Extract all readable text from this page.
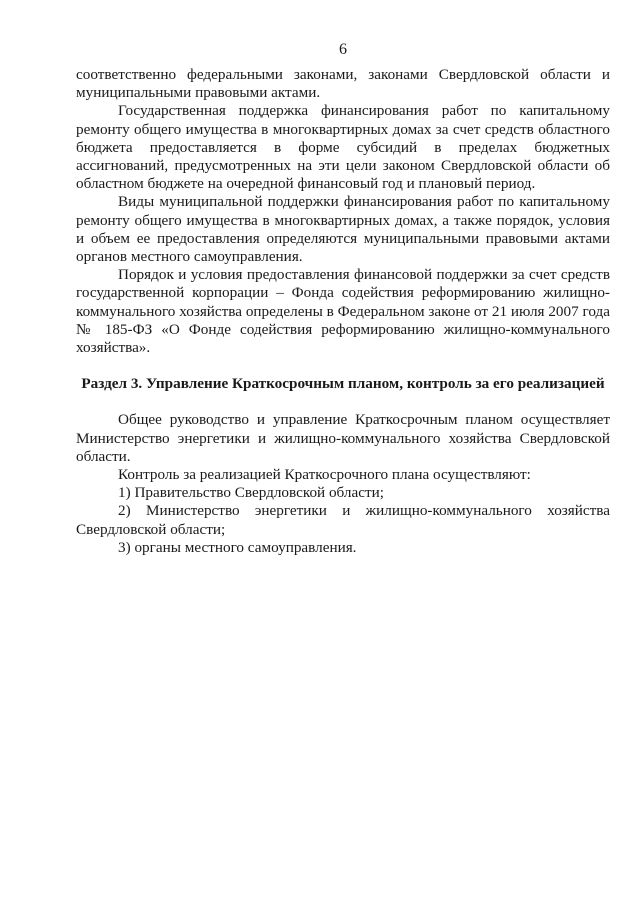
6

соответственно федеральными законами, законами Свердловской области и муниципальными правовыми актами.

Государственная поддержка финансирования работ по капитальному ремонту общего имущества в многоквартирных домах за счет средств областного бюджета предоставляется в форме субсидий в пределах бюджетных ассигнований, предусмотренных на эти цели законом Свердловской области об областном бюджете на очередной финансовый год и плановый период.

Виды муниципальной поддержки финансирования работ по капитальному ремонту общего имущества в многоквартирных домах, а также порядок, условия и объем ее предоставления определяются муниципальными правовыми актами органов местного самоуправления.

Порядок и условия предоставления финансовой поддержки за счет средств государственной корпорации – Фонда содействия реформированию жилищно-коммунального хозяйства определены в Федеральном законе от 21 июля 2007 года № 185-ФЗ «О Фонде содействия реформированию жилищно-коммунального хозяйства».

Раздел 3. Управление Краткосрочным планом, контроль за его реализацией

Общее руководство и управление Краткосрочным планом осуществляет Министерство энергетики и жилищно-коммунального хозяйства Свердловской области.

Контроль за реализацией Краткосрочного плана осуществляют:

1) Правительство Свердловской области;

2) Министерство энергетики и жилищно-коммунального хозяйства Свердловской области;

3) органы местного самоуправления.
